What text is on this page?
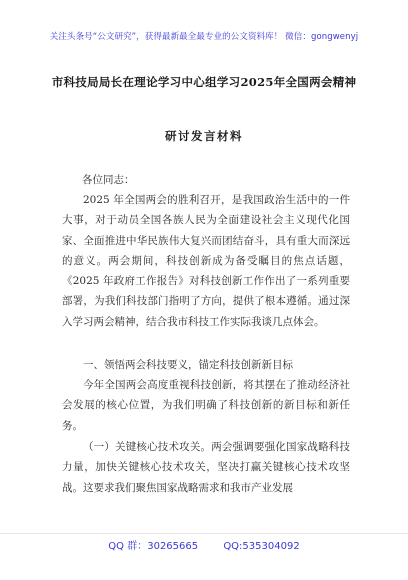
关注头条号“公文研究”，获得最新最全最专业的公文资料库！ 微信：gongwenyj
市科技局局长在理论学习中心组学习2025年全国两会精神
研讨发言材料
各位同志：

2025 年全国两会的胜利召开，是我国政治生活中的一件大事，对于动员全国各族人民为全面建设社会主义现代化国家、全面推进中华民族伟大复兴而团结奋斗，具有重大而深远的意义。两会期间，科技创新成为备受瞩目的焦点话题，《2025 年政府工作报告》对科技创新工作作出了一系列重要部署，为我们科技部门指明了方向，提供了根本遵循。通过深入学习两会精神，结合我市科技工作实际我谈几点体会。

一、领悟两会科技要义，锚定科技创新新目标

今年全国两会高度重视科技创新，将其摆在了推动经济社会发展的核心位置，为我们明确了科技创新的新目标和新任务。

（一）关键核心技术攻关。两会强调要强化国家战略科技力量，加快关键核心技术攻关，坚决打赢关键核心技术攻坚战。这要求我们聚焦国家战略需求和我市产业发展

QQ 群：30265665	QQ:535304092
